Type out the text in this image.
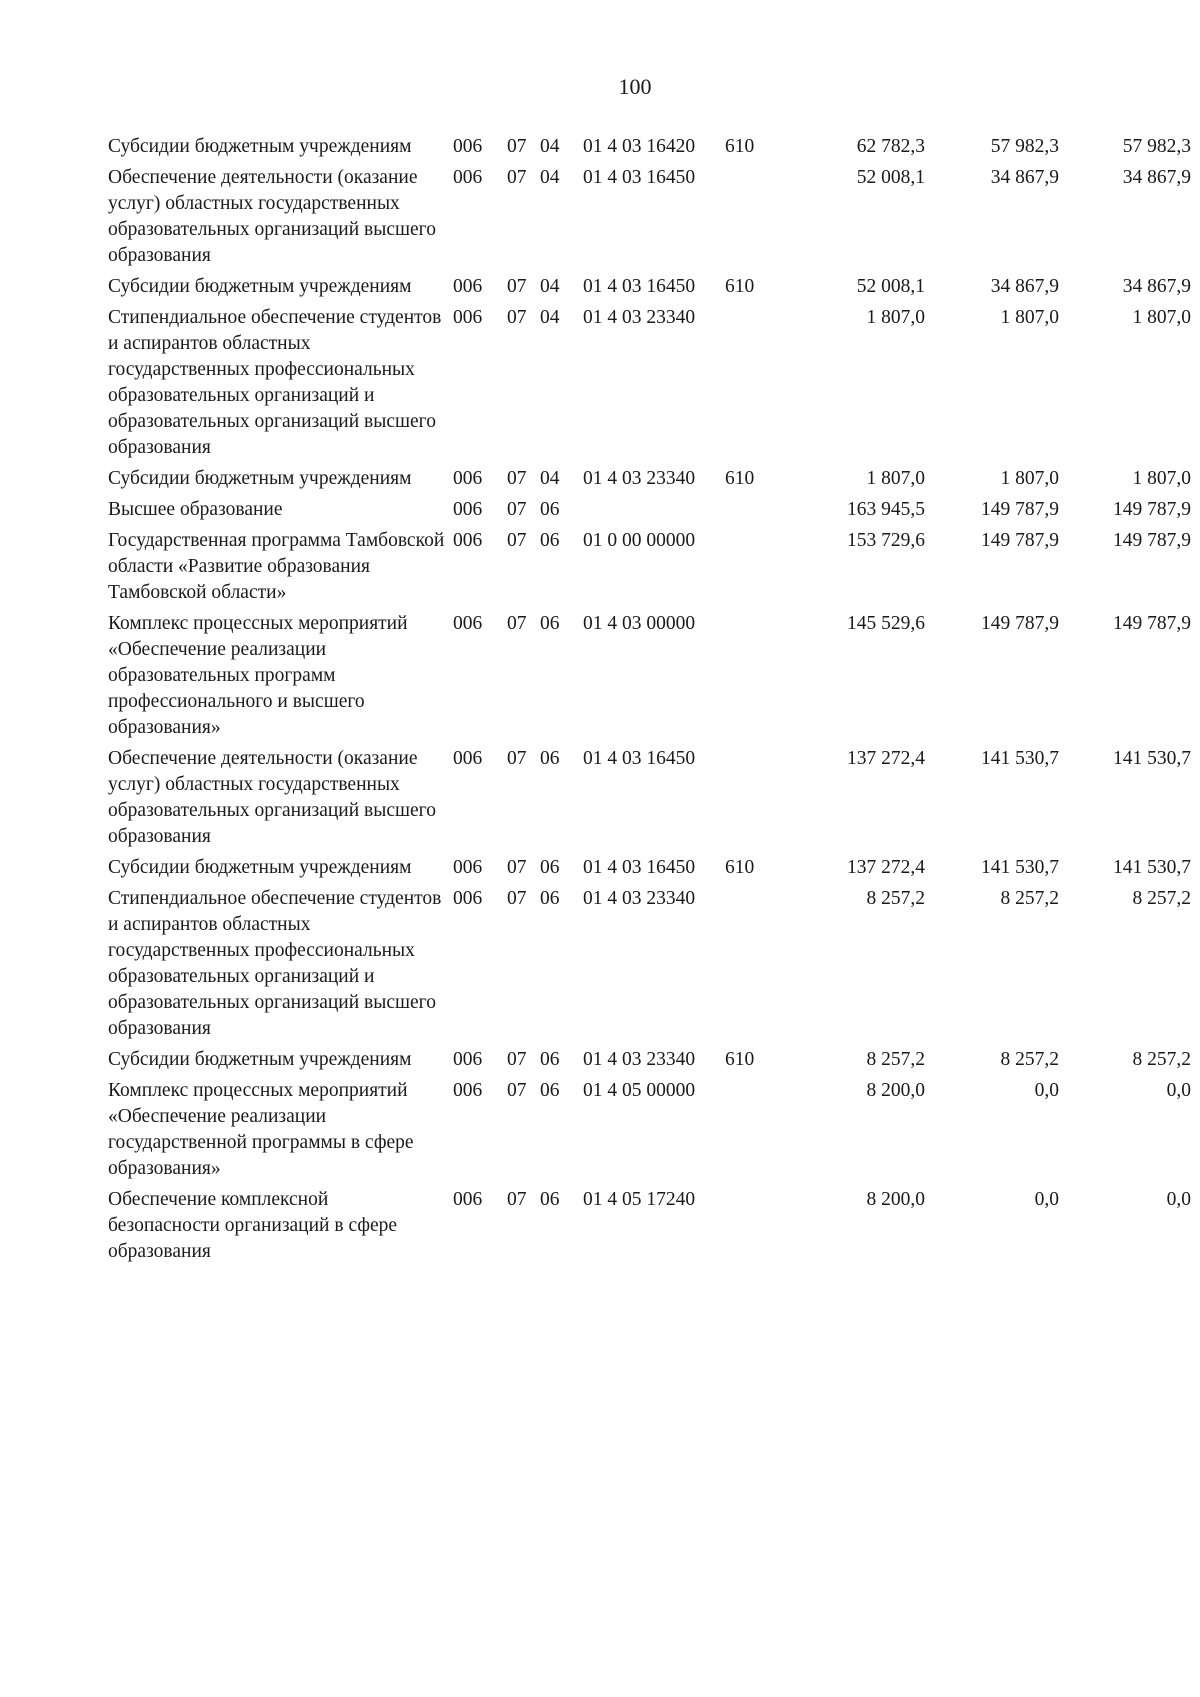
100
Субсидии бюджетным учреждениям	006	07	04	01 4 03 16420	610	62 782,3	57 982,3	57 982,3
Обеспечение деятельности (оказание услуг) областных государственных образовательных организаций высшего образования	006	07	04	01 4 03 16450		52 008,1	34 867,9	34 867,9
Субсидии бюджетным учреждениям	006	07	04	01 4 03 16450	610	52 008,1	34 867,9	34 867,9
Стипендиальное обеспечение студентов и аспирантов областных государственных профессиональных образовательных организаций и образовательных организаций высшего образования	006	07	04	01 4 03 23340		1 807,0	1 807,0	1 807,0
Субсидии бюджетным учреждениям	006	07	04	01 4 03 23340	610	1 807,0	1 807,0	1 807,0
Высшее образование	006	07	06			163 945,5	149 787,9	149 787,9
Государственная программа Тамбовской области «Развитие образования Тамбовской области»	006	07	06	01 0 00 00000		153 729,6	149 787,9	149 787,9
Комплекс процессных мероприятий «Обеспечение реализации образовательных программ профессионального и высшего образования»	006	07	06	01 4 03 00000		145 529,6	149 787,9	149 787,9
Обеспечение деятельности (оказание услуг) областных государственных образовательных организаций высшего образования	006	07	06	01 4 03 16450		137 272,4	141 530,7	141 530,7
Субсидии бюджетным учреждениям	006	07	06	01 4 03 16450	610	137 272,4	141 530,7	141 530,7
Стипендиальное обеспечение студентов и аспирантов областных государственных профессиональных образовательных организаций и образовательных организаций высшего образования	006	07	06	01 4 03 23340		8 257,2	8 257,2	8 257,2
Субсидии бюджетным учреждениям	006	07	06	01 4 03 23340	610	8 257,2	8 257,2	8 257,2
Комплекс процессных мероприятий «Обеспечение реализации государственной программы в сфере образования»	006	07	06	01 4 05 00000		8 200,0	0,0	0,0
Обеспечение комплексной безопасности организаций в сфере образования	006	07	06	01 4 05 17240		8 200,0	0,0	0,0
